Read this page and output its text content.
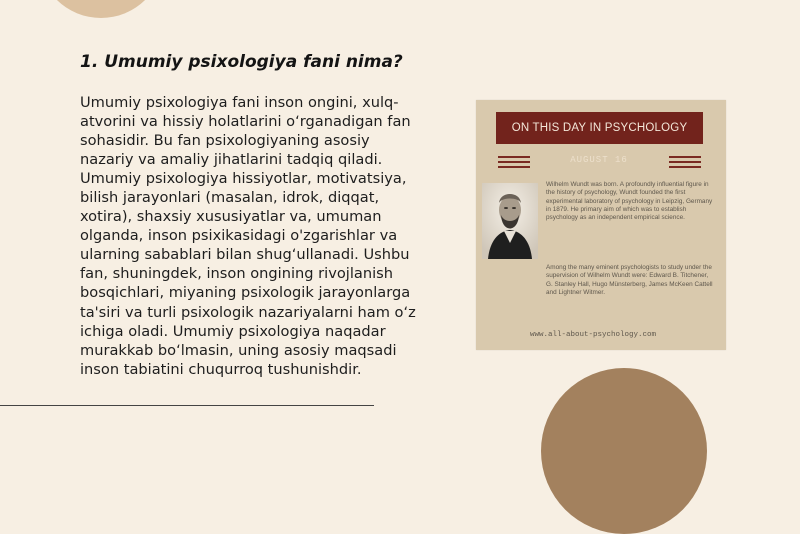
1. Umumiy psixologiya fani nima?

Umumiy psixologiya fani inson ongini, xulq-atvorini va hissiy holatlarini o‘rganadigan fan sohasidir. Bu fan psixologiyaning asosiy nazariy va amaliy jihatlarini tadqiq qiladi. Umumiy psixologiya hissiyotlar, motivatsiya, bilish jarayonlari (masalan, idrok, diqqat, xotira), shaxsiy xususiyatlar va, umuman olganda, inson psixikasidagi o'zgarishlar va ularning sabablari bilan shug‘ullanadi. Ushbu fan, shuningdek, inson ongining rivojlanish bosqichlari, miyaning psixologik jarayonlarga ta'siri va turli psixologik nazariyalarni ham o‘z ichiga oladi. Umumiy psixologiya naqadar murakkab bo‘lmasin, uning asosiy maqsadi inson tabiatini chuqurroq tushunishdir.

ON THIS DAY IN PSYCHOLOGY
AUGUST 16

Wilhelm Wundt was born. A profoundly influential figure in the history of psychology, Wundt founded the first experimental laboratory of psychology in Leipzig, Germany in 1879. He primary aim of which was to establish psychology as an independent empirical science.

Among the many eminent psychologists to study under the supervision of Wilhelm Wundt were: Edward B. Titchener, G. Stanley Hall, Hugo Münsterberg, James McKeen Cattell and Lightner Witmer.

www.all-about-psychology.com
